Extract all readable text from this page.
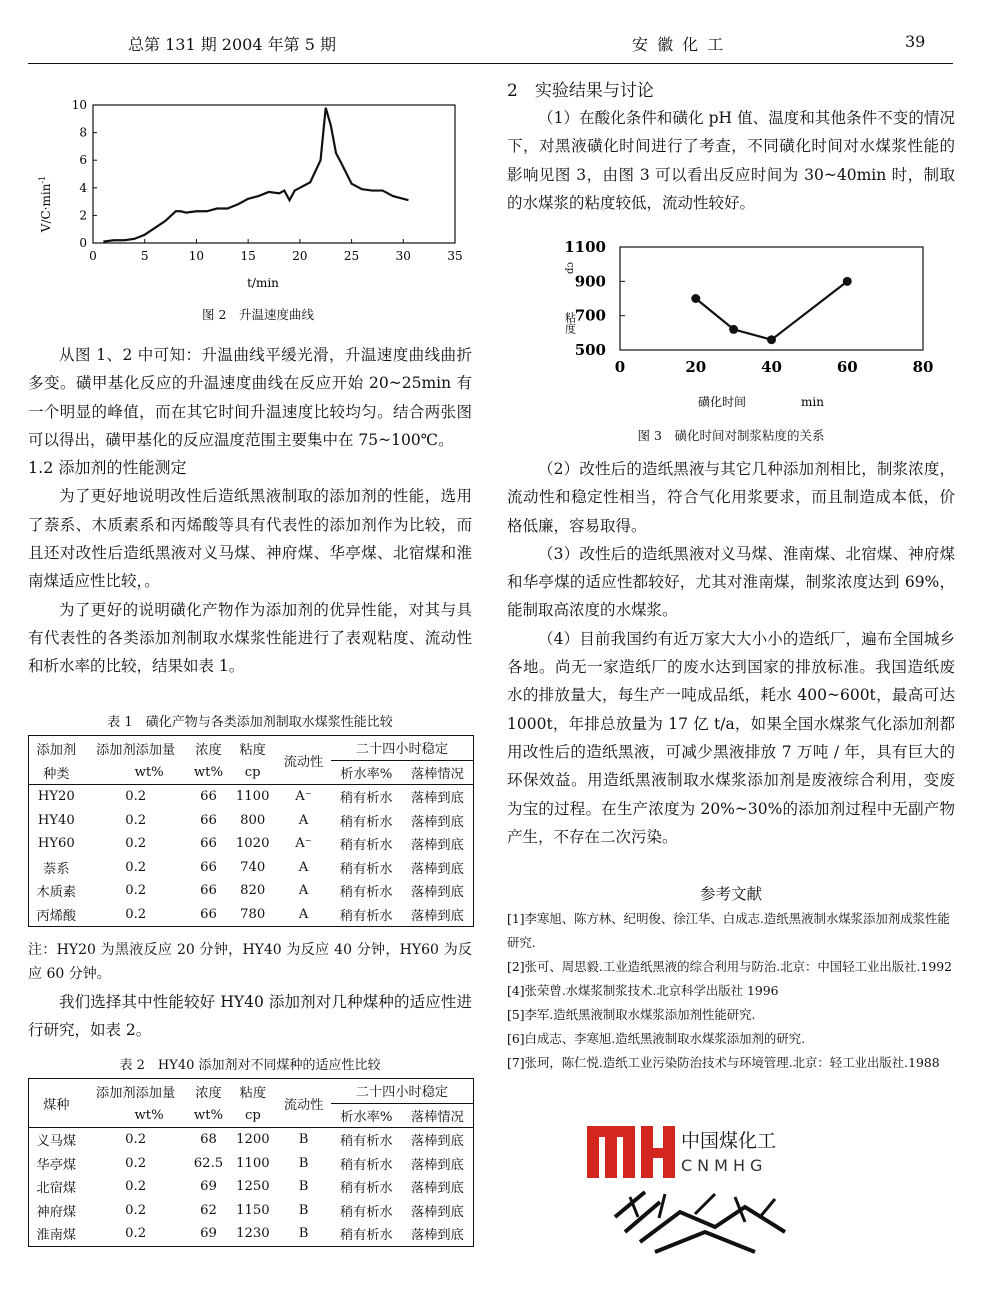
总第 131 期 2004 年第 5 期	安 徽 化 工	39
0	5	10	15	20	25	30	35
0
2
4
6
8
10
$V/C\cdot\min^{-1}$
t/min
图 2　升温速度曲线

从图 1、2 中可知：升温曲线平缓光滑，升温速度曲线曲折多变。磺甲基化反应的升温速度曲线在反应开始 20~25min 有一个明显的峰值，而在其它时间升温速度比较均匀。结合两张图可以得出，磺甲基化的反应温度范围主要集中在 75~100℃。

1.2 添加剂的性能测定

为了更好地说明改性后造纸黑液制取的添加剂的性能，选用了萘系、木质素系和丙烯酸等具有代表性的添加剂作为比较，而且还对改性后造纸黑液对义马煤、神府煤、华亭煤、北宿煤和淮南煤适应性比较，。

为了更好的说明磺化产物作为添加剂的优异性能，对其与具有代表性的各类添加剂制取水煤浆性能进行了表观粘度、流动性和析水率的比较，结果如表 1。

表 1　磺化产物与各类添加剂制取水煤浆性能比较
添加剂	添加剂添加量	浓度	粘度	流动性	二十四小时稳定	
种类	wt%	wt%	cp		析水率%	落棒情况
HY20	0.2	66	1100	A⁻	稍有析水	落棒到底
HY40	0.2	66	800	A	稍有析水	落棒到底
HY60	0.2	66	1020	A⁻	稍有析水	落棒到底
萘系	0.2	66	740	A	稍有析水	落棒到底
木质素	0.2	66	820	A	稍有析水	落棒到底
丙烯酸	0.2	66	780	A	稍有析水	落棒到底
注：HY20 为黑液反应 20 分钟，HY40 为反应 40 分钟，HY60 为反应 60 分钟。
我们选择其中性能较好 HY40 添加剂对几种煤种的适应性进行研究，如表 2。
表 2　HY40 添加剂对不同煤种的适应性比较
煤种	添加剂添加量	浓度	粘度	流动性	二十四小时稳定	
	wt%	wt%	cp		析水率%	落棒情况
义马煤	0.2	68	1200	B	稍有析水	落棒到底
华亭煤	0.2	62.5	1100	B	稍有析水	落棒到底
北宿煤	0.2	69	1250	B	稍有析水	落棒到底
神府煤	0.2	62	1150	B	稍有析水	落棒到底
淮南煤	0.2	69	1230	B	稍有析水	落棒到底
2　实验结果与讨论

（1）在酸化条件和磺化 pH 值、温度和其他条件不变的情况下，对黑液磺化时间进行了考查，不同磺化时间对水煤浆性能的影响见图 3，由图 3 可以看出反应时间为 30~40min 时，制取的水煤浆的粘度较低，流动性较好。

0	20	40	60	80
500
700
900
1100
粘度
cp
磺化时间	min
图 3　磺化时间对制浆粘度的关系

（2）改性后的造纸黑液与其它几种添加剂相比，制浆浓度，流动性和稳定性相当，符合气化用浆要求，而且制造成本低，价格低廉，容易取得。

（3）改性后的造纸黑液对义马煤、淮南煤、北宿煤、神府煤和华亭煤的适应性都较好，尤其对淮南煤，制浆浓度达到 69%，能制取高浓度的水煤浆。

（4）目前我国约有近万家大大小小的造纸厂，遍布全国城乡各地。尚无一家造纸厂的废水达到国家的排放标准。我国造纸废水的排放量大，每生产一吨成品纸，耗水 400~600t，最高可达 1000t，年排总放量为 17 亿 t/a，如果全国水煤浆气化添加剂都用改性后的造纸黑液，可减少黑液排放 7 万吨 / 年，具有巨大的环保效益。用造纸黑液制取水煤浆添加剂是废液综合利用，变废为宝的过程。在生产浓度为 20%~30%的添加剂过程中无副产物产生，不存在二次污染。

参考文献

[1]李寒旭、陈方林、纪明俊、徐江华、白成志.造纸黑液制水煤浆添加剂成浆性能研究.

[2]张可、周思毅.工业造纸黑液的综合利用与防治.北京：中国轻工业出版社.1992

[4]张荣曾.水煤浆制浆技术.北京科学出版社 1996

[5]李军.造纸黑液制取水煤浆添加剂性能研究.

[6]白成志、李寒旭.造纸黑液制取水煤浆添加剂的研究.

[7]张珂，陈仁悦.造纸工业污染防治技术与环境管理.北京：轻工业出版社.1988

中国煤化工
CNMHG
